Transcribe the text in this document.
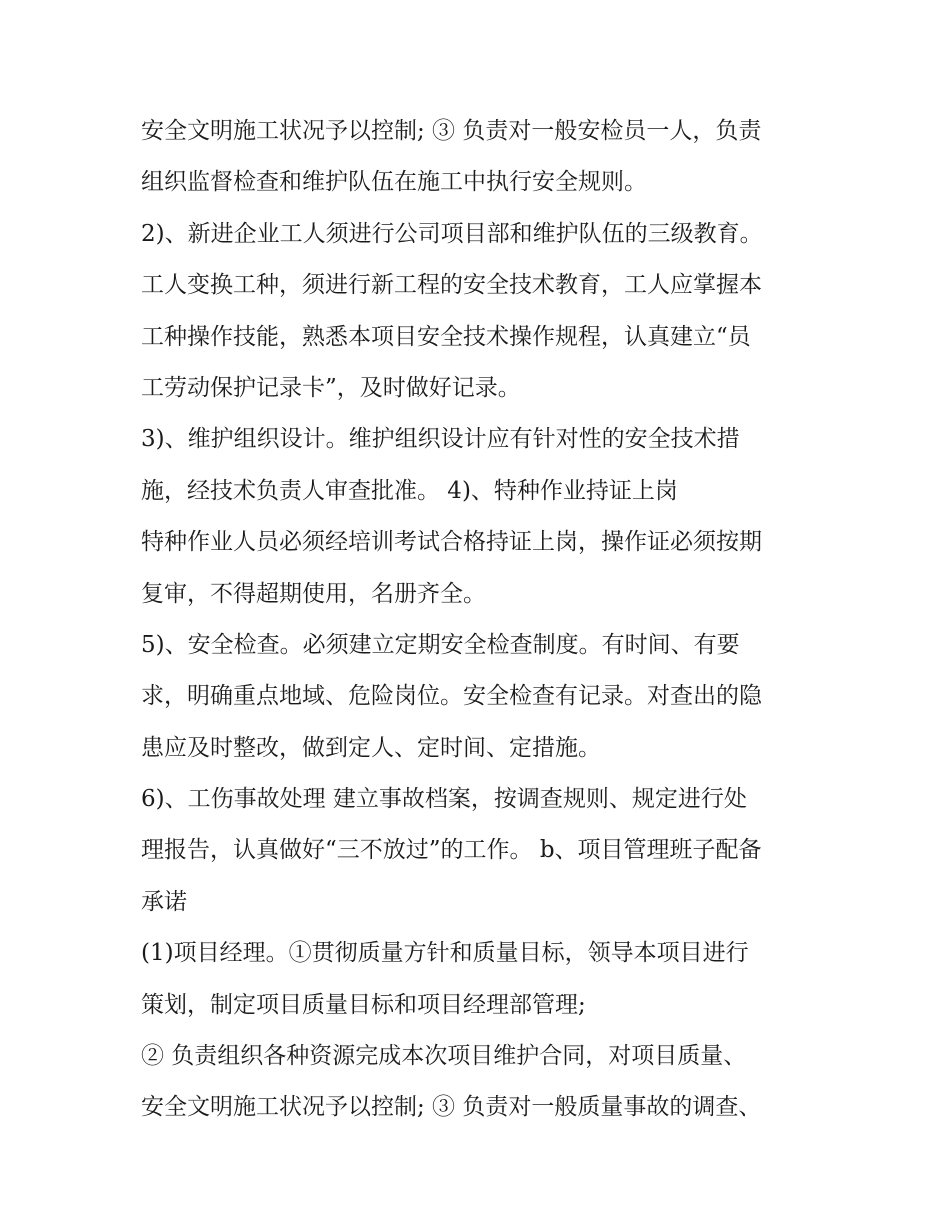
安全文明施工状况予以控制; ③ 负责对一般安检员一人，负责
组织监督检查和维护队伍在施工中执行安全规则。
2)、新进企业工人须进行公司项目部和维护队伍的三级教育。
工人变换工种，须进行新工程的安全技术教育，工人应掌握本
工种操作技能，熟悉本项目安全技术操作规程，认真建立“员
工劳动保护记录卡”，及时做好记录。
3)、维护组织设计。维护组织设计应有针对性的安全技术措
施，经技术负责人审查批准。 4)、特种作业持证上岗
特种作业人员必须经培训考试合格持证上岗，操作证必须按期
复审，不得超期使用，名册齐全。
5)、安全检查。必须建立定期安全检查制度。有时间、有要
求，明确重点地域、危险岗位。安全检查有记录。对查出的隐
患应及时整改，做到定人、定时间、定措施。
6)、工伤事故处理 建立事故档案，按调查规则、规定进行处
理报告，认真做好“三不放过”的工作。 b、项目管理班子配备
承诺
(1)项目经理。①贯彻质量方针和质量目标，领导本项目进行
策划，制定项目质量目标和项目经理部管理;
② 负责组织各种资源完成本次项目维护合同，对项目质量、
安全文明施工状况予以控制; ③ 负责对一般质量事故的调查、
